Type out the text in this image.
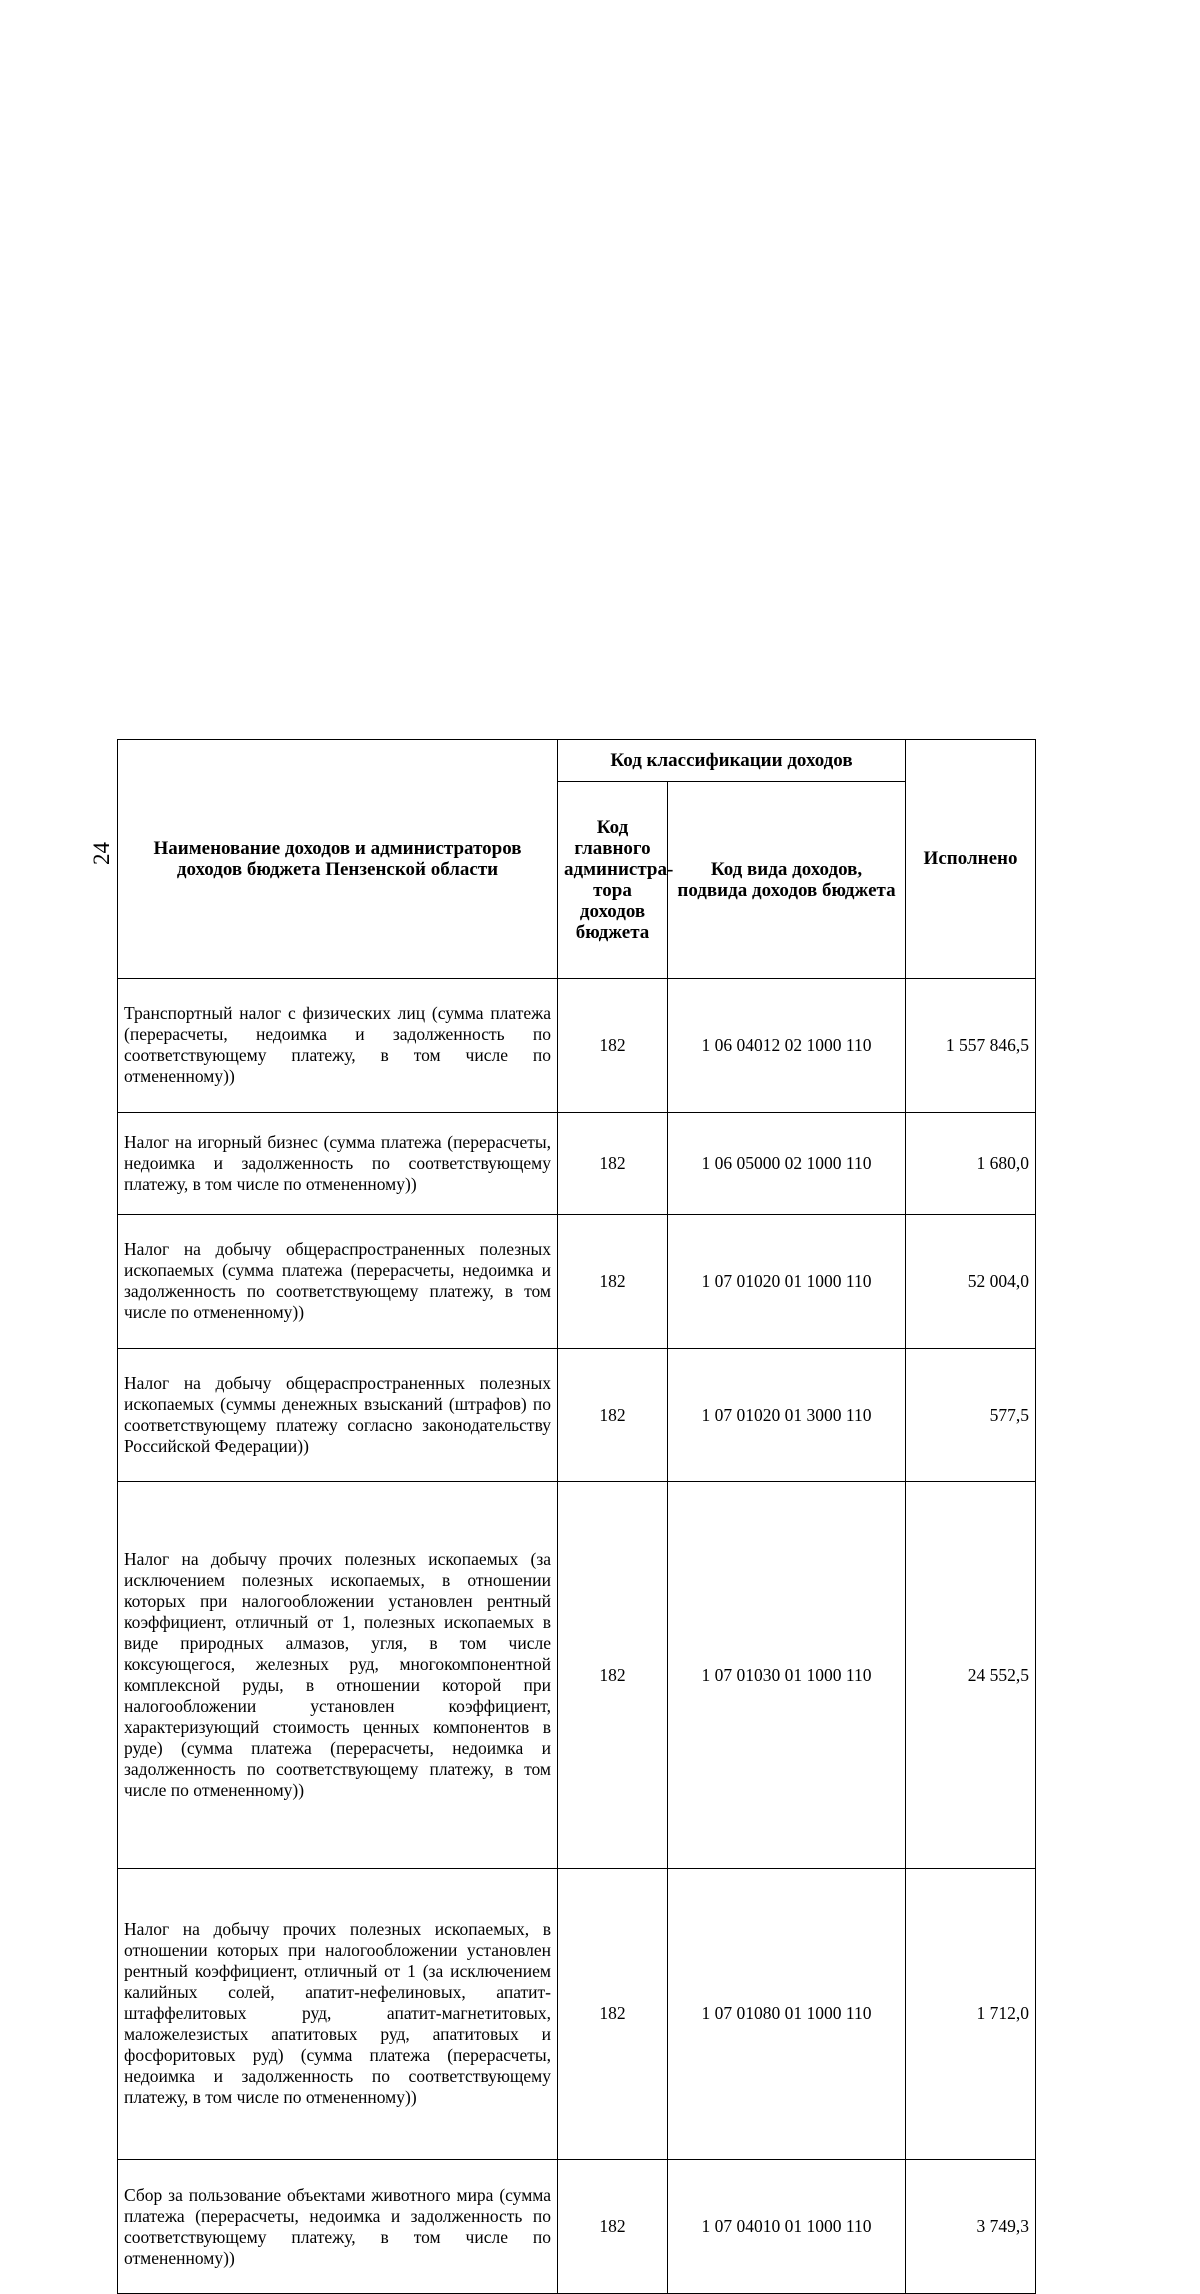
24 Наименование доходов и администраторов доходов бюджета Пензенской области	Код классификации доходов		Исполнено
	Код главного администра-тора доходов бюджета	Код вида доходов, подвида доходов бюджета	
Транспортный налог с физических лиц (сумма платежа (перерасчеты, недоимка и задолженность по соответствующему платежу, в том числе по отмененному))	182	1 06 04012 02 1000 110	1 557 846,5
Налог на игорный бизнес (сумма платежа (перерасчеты, недоимка и задолженность по соответствующему платежу, в том числе по отмененному))	182	1 06 05000 02 1000 110	1 680,0
Налог на добычу общераспространенных полезных ископаемых (сумма платежа (перерасчеты, недоимка и задолженность по соответствующему платежу, в том числе по отмененному))	182	1 07 01020 01 1000 110	52 004,0
Налог на добычу общераспространенных полезных ископаемых (суммы денежных взысканий (штрафов) по соответствующему платежу согласно законодательству Российской Федерации))	182	1 07 01020 01 3000 110	577,5
Налог на добычу прочих полезных ископаемых (за исключением полезных ископаемых, в отношении которых при налогообложении установлен рентный коэффициент, отличный от 1, полезных ископаемых в виде природных алмазов, угля, в том числе коксующегося, железных руд, многокомпонентной комплексной руды, в отношении которой при налогообложении установлен коэффициент, характеризующий стоимость ценных компонентов в руде) (сумма платежа (перерасчеты, недоимка и задолженность по соответствующему платежу, в том числе по отмененному))	182	1 07 01030 01 1000 110	24 552,5
Налог на добычу прочих полезных ископаемых, в отношении которых при налогообложении установлен рентный коэффициент, отличный от 1 (за исключением калийных солей, апатит-нефелиновых, апатит-штаффелитовых руд, апатит-магнетитовых, маложелезистых апатитовых руд, апатитовых и фосфоритовых руд) (сумма платежа (перерасчеты, недоимка и задолженность по соответствующему платежу, в том числе по отмененному))	182	1 07 01080 01 1000 110	1 712,0
Сбор за пользование объектами животного мира (сумма платежа (перерасчеты, недоимка и задолженность по соответствующему платежу, в том числе по отмененному))	182	1 07 04010 01 1000 110	3 749,3
